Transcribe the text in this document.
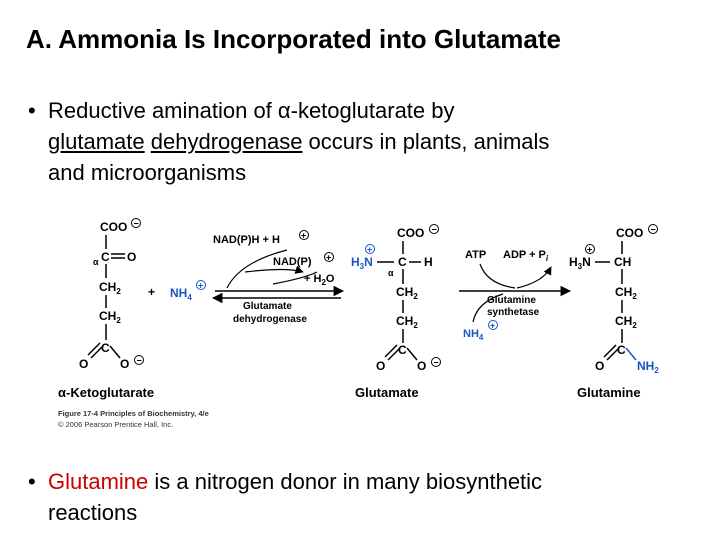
A. Ammonia Is Incorporated into Glutamate
• Reductive amination of α-ketoglutarate by
glutamate dehydrogenase occurs in plants, animals
and microorganisms
COO −
α C O
$CH_2$
$CH_2$
C
O	O −
α-Ketoglutarate
+ $NH_4$
+
NAD(P)H + H +
NAD(P) +
+ $H_2O$
Glutamate
dehydrogenase
COO −
+
$H_3N$ C H
α
$CH_2$
$CH_2$
C
O	O −
Glutamate
ATP ADP + $P_i$
Glutamine
synthetase
$NH_4$
+
COO −
+
$H_3N$ CH
$CH_2$
$CH_2$
C
O	$NH_2$
Glutamine
Figure 17-4 Principles of Biochemistry, 4/e
© 2006 Pearson Prentice Hall, Inc.
• Glutamine is a nitrogen donor in many biosynthetic
reactions
